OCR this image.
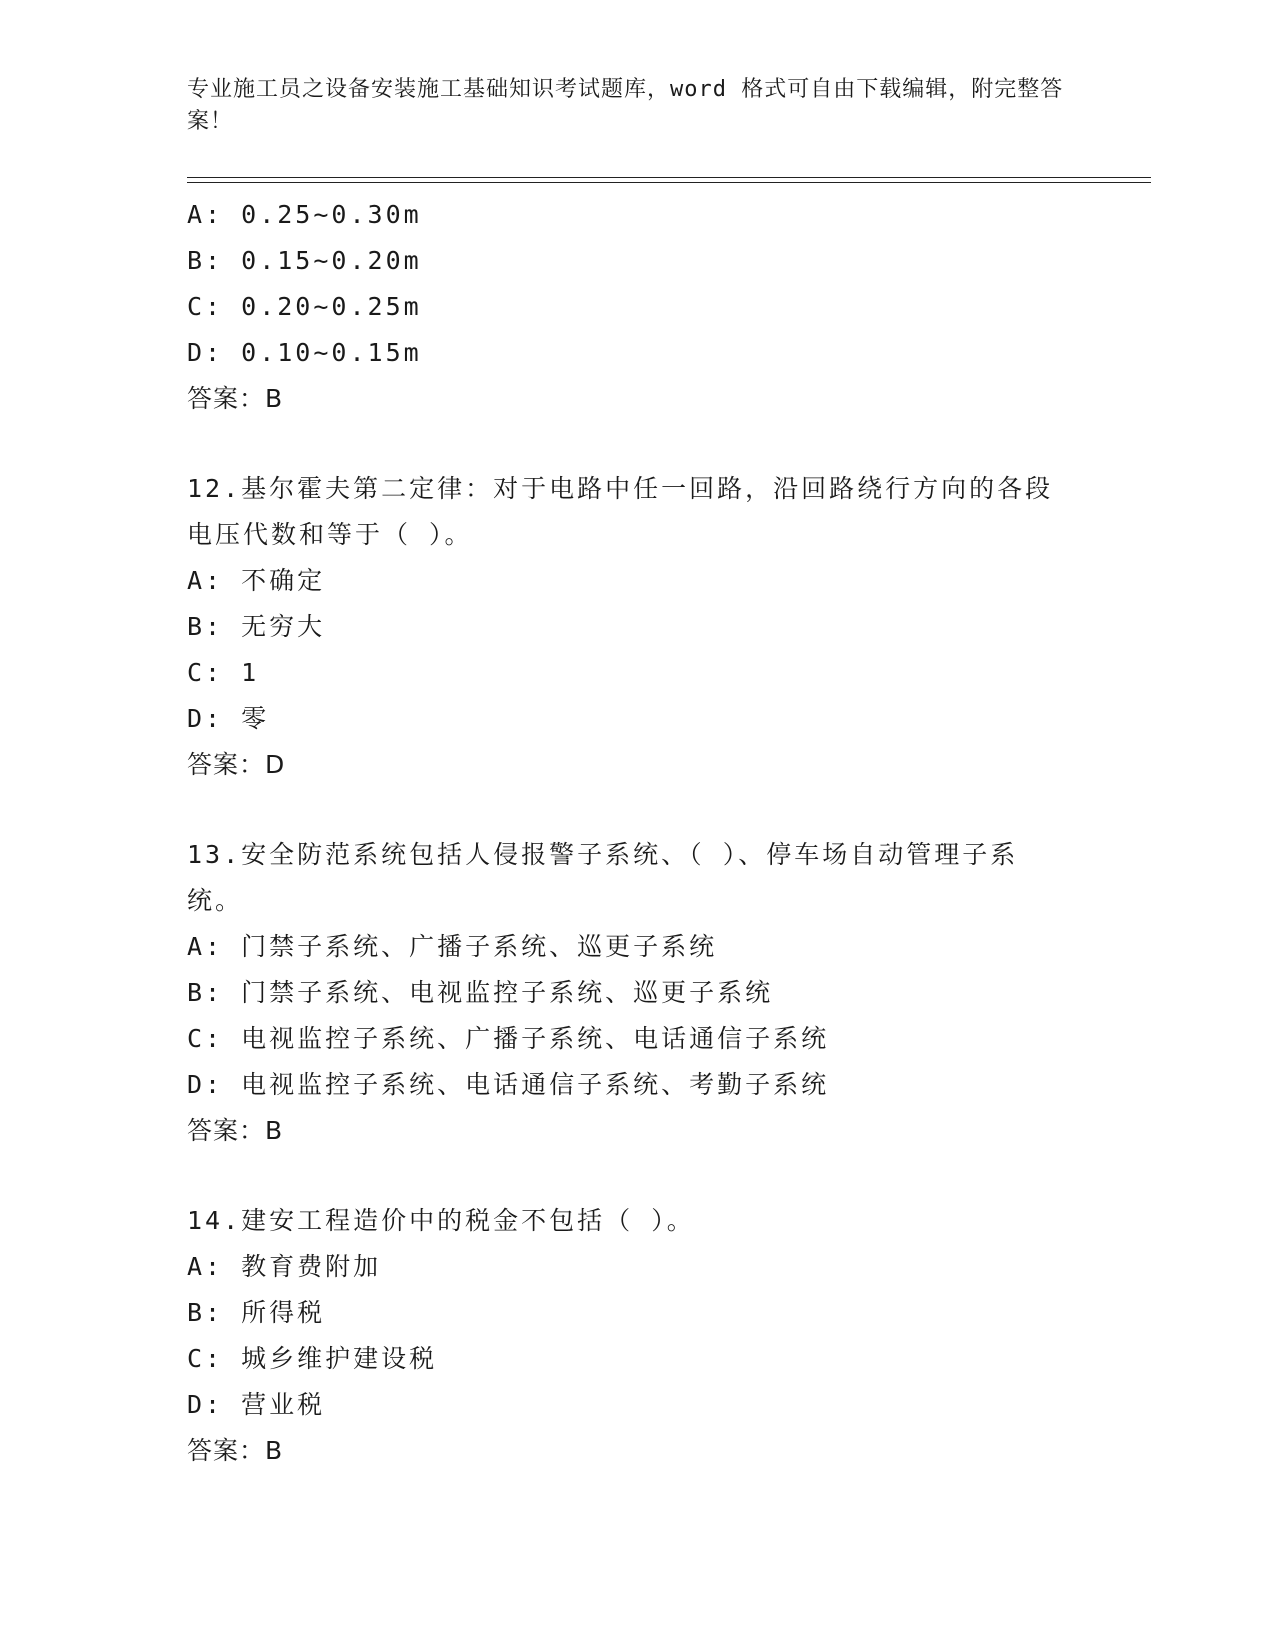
专业施工员之设备安装施工基础知识考试题库，word 格式可自由下载编辑，附完整答案！
A: 0.25~0.30m
B: 0.15~0.20m
C: 0.20~0.25m
D: 0.10~0.15m
答案：B
12.基尔霍夫第二定律：对于电路中任一回路，沿回路绕行方向的各段
电压代数和等于（ ）。
A: 不确定
B: 无穷大
C: 1
D: 零
答案：D
13.安全防范系统包括人侵报警子系统、（ ）、停车场自动管理子系
统。
A: 门禁子系统、广播子系统、巡更子系统
B: 门禁子系统、电视监控子系统、巡更子系统
C: 电视监控子系统、广播子系统、电话通信子系统
D: 电视监控子系统、电话通信子系统、考勤子系统
答案：B
14.建安工程造价中的税金不包括（ ）。
A: 教育费附加
B: 所得税
C: 城乡维护建设税
D: 营业税
答案：B
